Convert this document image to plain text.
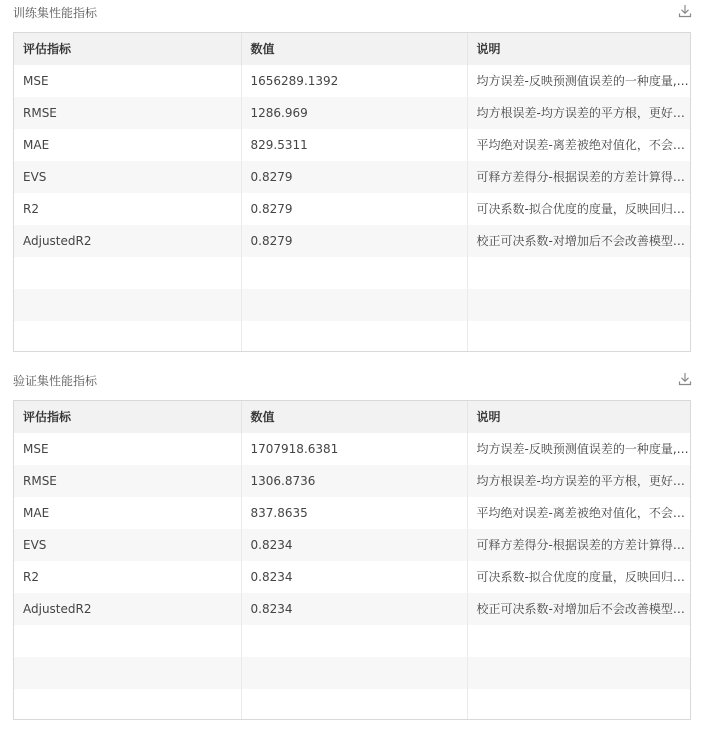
训练集性能指标
评估指标	数值	说明
MSE	1656289.1392	均方误差-反映预测值误差的一种度量,…
RMSE	1286.969	均方根误差-均方误差的平方根，更好…
MAE	829.5311	平均绝对误差-离差被绝对值化，不会…
EVS	0.8279	可释方差得分-根据误差的方差计算得…
R2	0.8279	可决系数-拟合优度的度量，反映回归…
AdjustedR2	0.8279	校正可决系数-对增加后不会改善模型…

验证集性能指标
评估指标	数值	说明
MSE	1707918.6381	均方误差-反映预测值误差的一种度量,…
RMSE	1306.8736	均方根误差-均方误差的平方根，更好…
MAE	837.8635	平均绝对误差-离差被绝对值化，不会…
EVS	0.8234	可释方差得分-根据误差的方差计算得…
R2	0.8234	可决系数-拟合优度的度量，反映回归…
AdjustedR2	0.8234	校正可决系数-对增加后不会改善模型…
